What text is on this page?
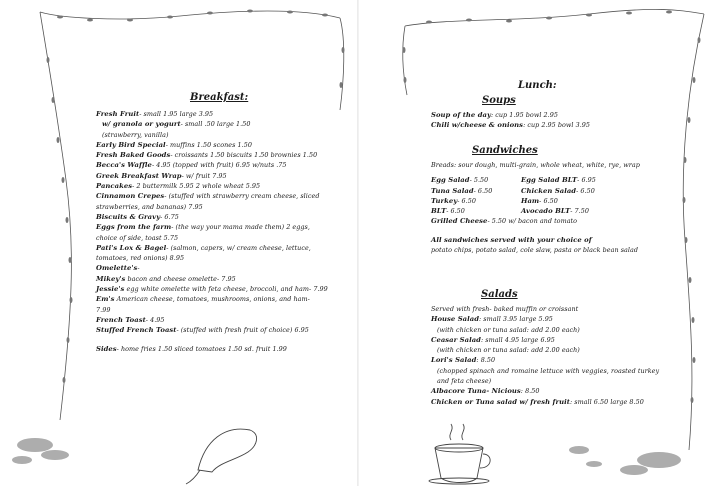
Breakfast:
Fresh Fruit- small 1.95 large 3.95
w/ granola or yogurt- small .50 large 1.50
(strawberry, vanilla)
Early Bird Special- muffins 1.50 scones 1.50
Fresh Baked Goods- croissants 1.50 biscuits 1.50 brownies 1.50
Becca's Waffle- 4.95 (topped with fruit) 6.95 w/nuts .75
Greek Breakfast Wrap- w/ fruit 7.95
Pancakes- 2 buttermilk 5.95 2 whole wheat 5.95
Cinnamon Crepes- (stuffed with strawberry cream cheese, sliced
strawberries, and bananas) 7.95
Biscuits & Gravy- 6.75
Eggs from the farm- (the way your mama made them) 2 eggs,
choice of side, toast 5.75
Pati's Lox & Bagel- (salmon, capers, w/ cream cheese, lettuce,
tomatoes, red onions) 8.95
Omelette's-
Mikey's bacon and cheese omelette- 7.95
Jessie's egg white omelette with feta cheese, broccoli, and ham- 7.99
Em's American cheese, tomatoes, mushrooms, onions, and ham-
7.99
French Toast- 4.95
Stuffed French Toast- (stuffed with fresh fruit of choice) 6.95
Sides- home fries 1.50 sliced tomatoes 1.50 sd. fruit 1.99
Lunch:
Soups
Soup of the day: cup 1.95 bowl 2.95
Chili w/cheese & onions: cup 2.95 bowl 3.95
Sandwiches
Breads: sour dough, multi-grain, whole wheat, white, rye, wrap
Egg Salad- 5.50	Egg Salad BLT- 6.95
Tuna Salad- 6.50	Chicken Salad- 6.50
Turkey- 6.50	Ham- 6.50
BLT- 6.50	Avocado BLT- 7.50
Grilled Cheese- 5.50 w/ bacon and tomato
All sandwiches served with your choice of
potato chips, potato salad, cole slaw, pasta or black bean salad
Salads
Served with fresh- baked muffin or croissant
House Salad: small 3.95 large 5.95
(with chicken or tuna salad: add 2.00 each)
Ceasar Salad: small 4.95 large 6.95
(with chicken or tuna salad: add 2.00 each)
Lori's Salad: 8.50
(chopped spinach and romaine lettuce with veggies, roasted turkey
and feta cheese)
Albacore Tuna- Nicious: 8.50
Chicken or Tuna salad w/ fresh fruit: small 6.50 large 8.50
